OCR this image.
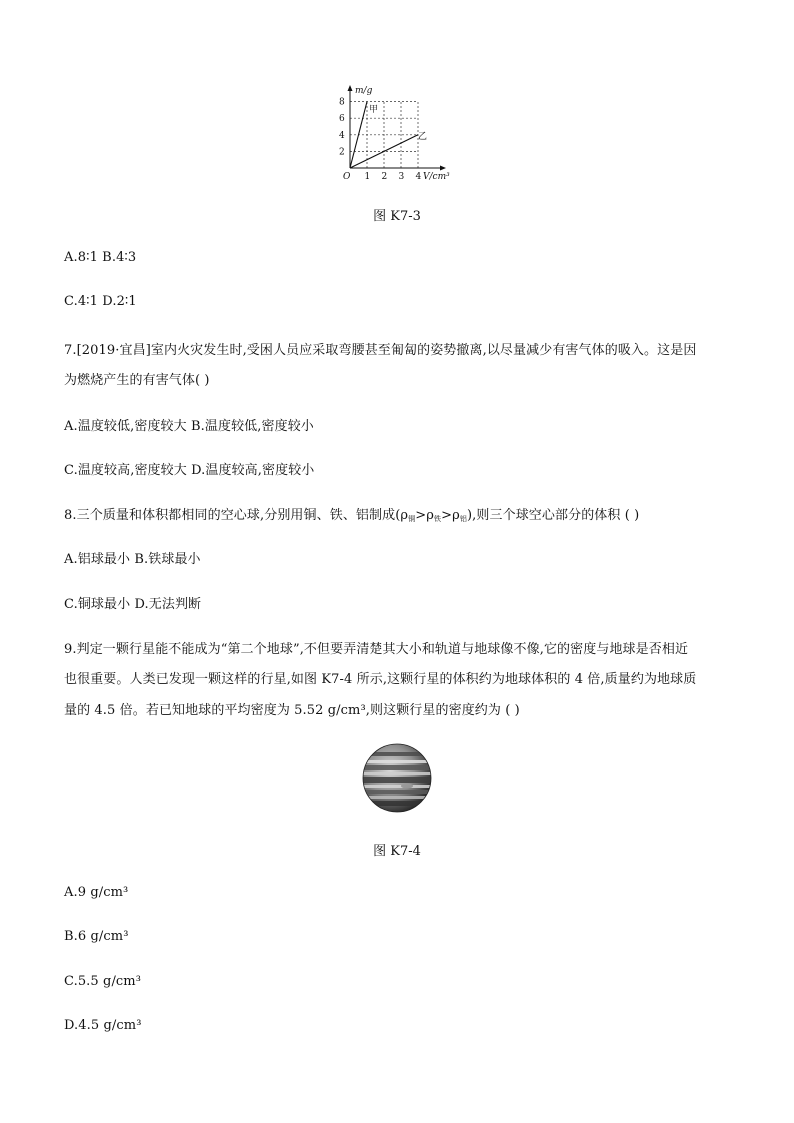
2
4
6
8
1 2 3 4
m/g
V/cm³
O
甲
乙
图 K7-3
A.8∶1 B.4∶3
C.4∶1 D.2∶1
7.[2019·宜昌]室内火灾发生时,受困人员应采取弯腰甚至匍匐的姿势撤离,以尽量减少有害气体的吸入。这是因
为燃烧产生的有害气体( )
A.温度较低,密度较大 B.温度较低,密度较小
C.温度较高,密度较大 D.温度较高,密度较小
8.三个质量和体积都相同的空心球,分别用铜、铁、铝制成$(\rho_铜>\rho_铁>\rho_铝)$,则三个球空心部分的体积 ( )
A.铝球最小 B.铁球最小
C.铜球最小 D.无法判断
9.判定一颗行星能不能成为“第二个地球”,不但要弄清楚其大小和轨道与地球像不像,它的密度与地球是否相近
也很重要。人类已发现一颗这样的行星,如图 K7-4 所示,这颗行星的体积约为地球体积的 4 倍,质量约为地球质
量的 4.5 倍。若已知地球的平均密度为 5.52 g/cm³,则这颗行星的密度约为 ( )
图 K7-4
A.9 g/cm³
B.6 g/cm³
C.5.5 g/cm³
D.4.5 g/cm³
